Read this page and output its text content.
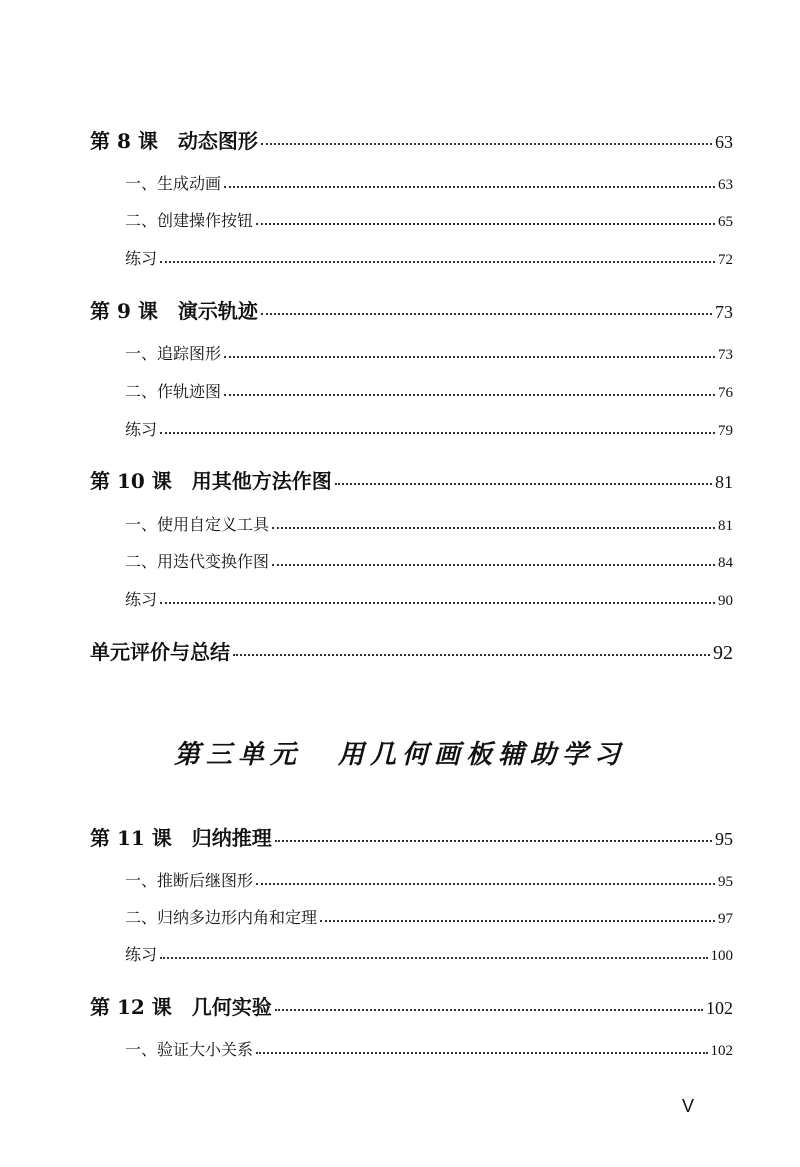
第 8 课 动态图形	63
一、生成动画	63
二、创建操作按钮	65
练习	72
第 9 课 演示轨迹	73
一、追踪图形	73
二、作轨迹图	76
练习	79
第 10 课 用其他方法作图	81
一、使用自定义工具	81
二、用迭代变换作图	84
练习	90
单元评价与总结	92
第三单元 用几何画板辅助学习
第 11 课 归纳推理	95
一、推断后继图形	95
二、归纳多边形内角和定理	97
练习	100
第 12 课 几何实验	102
一、验证大小关系	102
V
